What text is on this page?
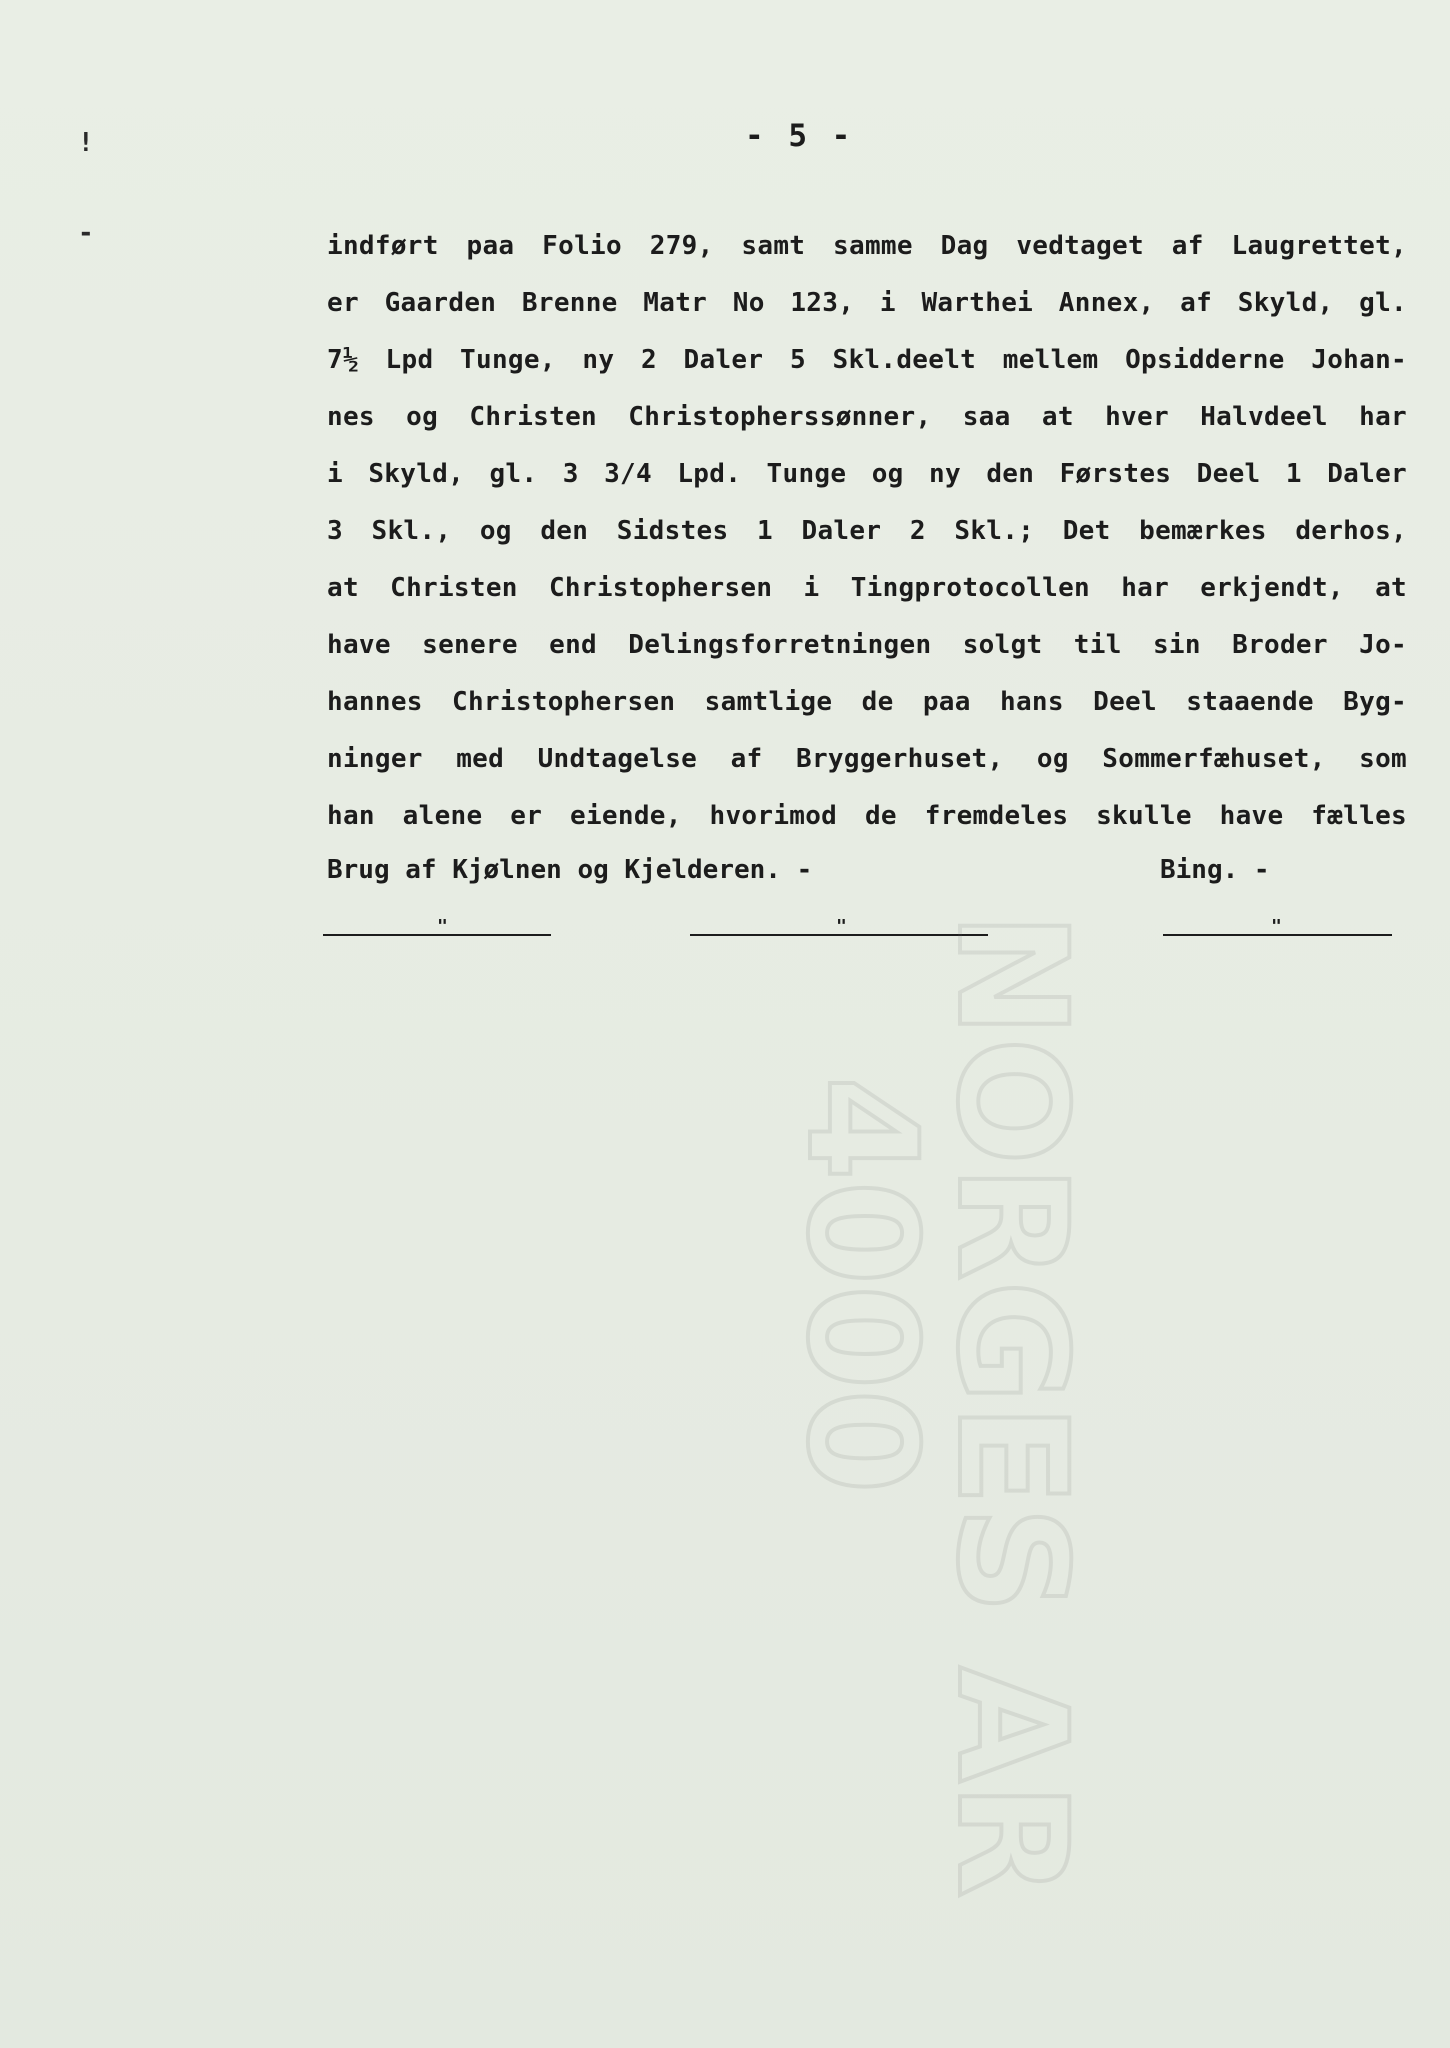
!
-
- 5 -
indført paa Folio 279, samt samme Dag vedtaget af Laugrettet,
er Gaarden Brenne Matr No 123, i Warthei Annex, af Skyld, gl.
7½ Lpd Tunge, ny 2 Daler 5 Skl.deelt mellem Opsidderne Johan-
nes og Christen Christopherssønner, saa at hver Halvdeel har
i Skyld, gl. 3 3/4 Lpd. Tunge og ny den Førstes Deel 1 Daler
3 Skl., og den Sidstes 1 Daler 2 Skl.; Det bemærkes derhos,
at Christen Christophersen i Tingprotocollen har erkjendt, at
have senere end Delingsforretningen solgt til sin Broder Jo-
hannes Christophersen samtlige de paa hans Deel staaende Byg-
ninger med Undtagelse af Bryggerhuset, og Sommerfæhuset, som
han alene er eiende, hvorimod de fremdeles skulle have fælles
Brug af Kjølnen og Kjelderen. -	Bing. -
"	"	"
NORGES AR
4000
